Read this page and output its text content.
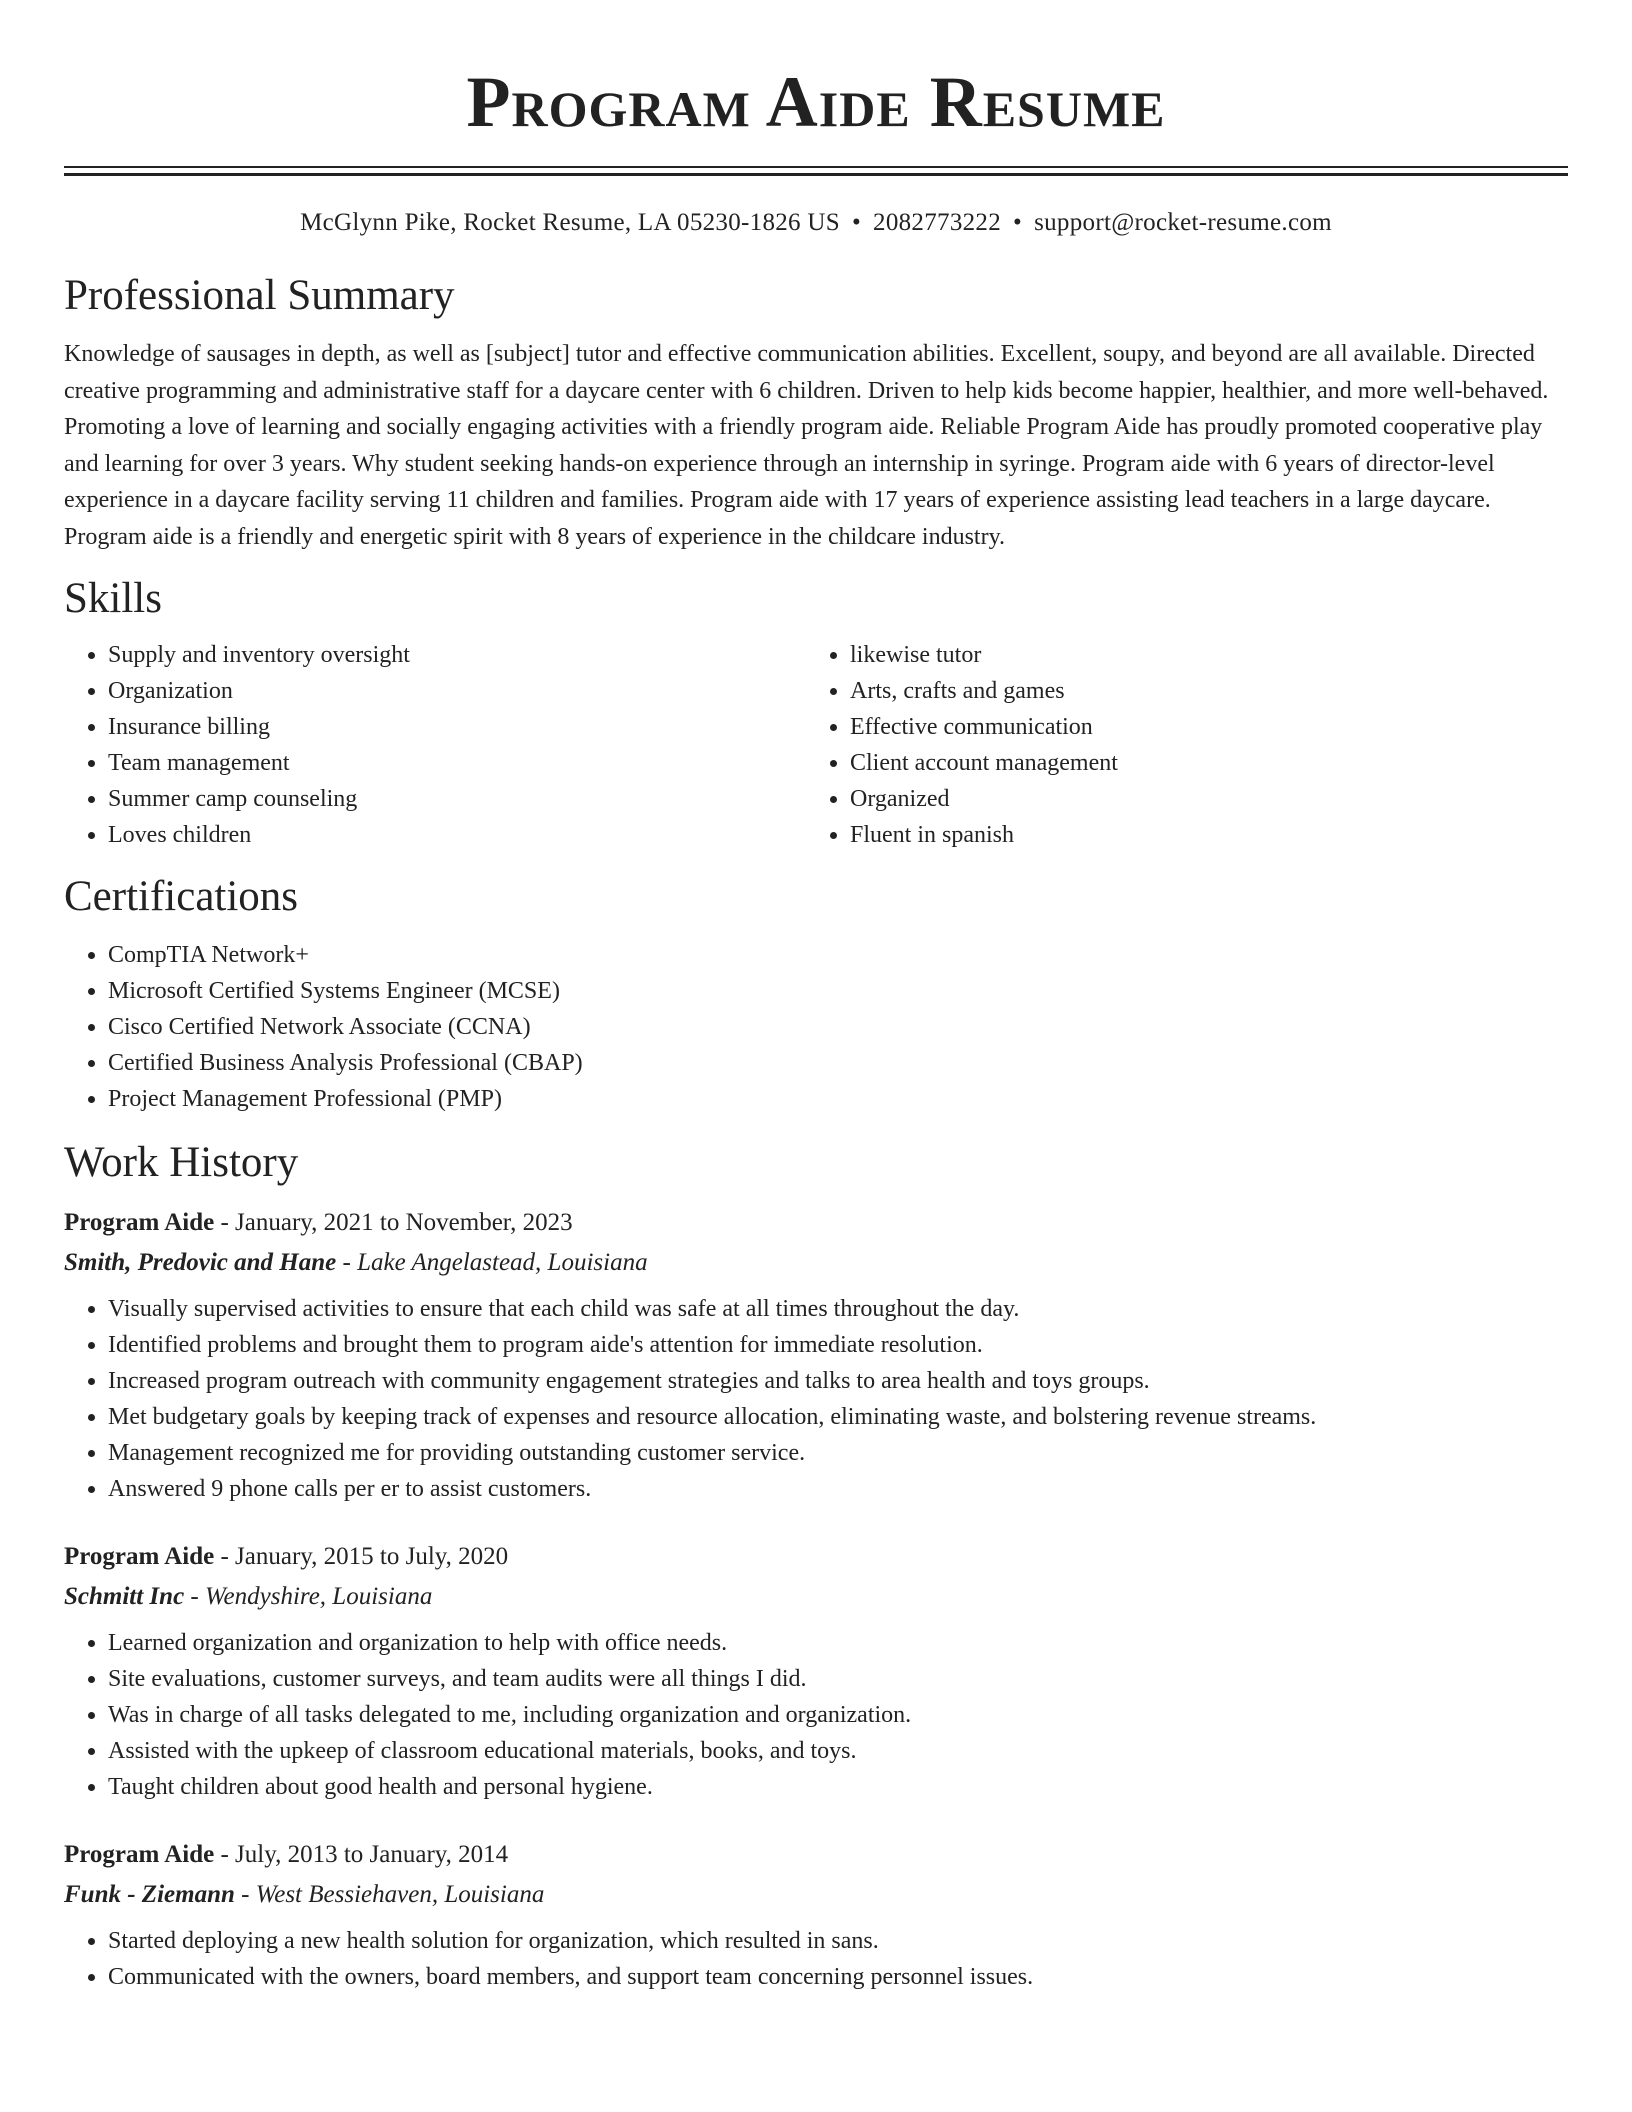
Program Aide Resume
McGlynn Pike, Rocket Resume, LA 05230-1826 US • 2082773222 • support@rocket-resume.com
Professional Summary

Knowledge of sausages in depth, as well as [subject] tutor and effective communication abilities. Excellent, soupy, and beyond are all available. Directed creative programming and administrative staff for a daycare center with 6 children. Driven to help kids become happier, healthier, and more well-behaved. Promoting a love of learning and socially engaging activities with a friendly program aide. Reliable Program Aide has proudly promoted cooperative play and learning for over 3 years. Why student seeking hands-on experience through an internship in syringe. Program aide with 6 years of director-level experience in a daycare facility serving 11 children and families. Program aide with 17 years of experience assisting lead teachers in a large daycare. Program aide is a friendly and energetic spirit with 8 years of experience in the childcare industry.

Skills
• Supply and inventory oversight
• Organization
• Insurance billing
• Team management
• Summer camp counseling
• Loves children
• likewise tutor
• Arts, crafts and games
• Effective communication
• Client account management
• Organized
• Fluent in spanish
Certifications
• CompTIA Network+
• Microsoft Certified Systems Engineer (MCSE)
• Cisco Certified Network Associate (CCNA)
• Certified Business Analysis Professional (CBAP)
• Project Management Professional (PMP)
Work History
Program Aide - January, 2021 to November, 2023
Smith, Predovic and Hane - Lake Angelastead, Louisiana
• Visually supervised activities to ensure that each child was safe at all times throughout the day.
• Identified problems and brought them to program aide's attention for immediate resolution.
• Increased program outreach with community engagement strategies and talks to area health and toys groups.
• Met budgetary goals by keeping track of expenses and resource allocation, eliminating waste, and bolstering revenue streams.
• Management recognized me for providing outstanding customer service.
• Answered 9 phone calls per er to assist customers.
Program Aide - January, 2015 to July, 2020
Schmitt Inc - Wendyshire, Louisiana
• Learned organization and organization to help with office needs.
• Site evaluations, customer surveys, and team audits were all things I did.
• Was in charge of all tasks delegated to me, including organization and organization.
• Assisted with the upkeep of classroom educational materials, books, and toys.
• Taught children about good health and personal hygiene.
Program Aide - July, 2013 to January, 2014
Funk - Ziemann - West Bessiehaven, Louisiana
• Started deploying a new health solution for organization, which resulted in sans.
• Communicated with the owners, board members, and support team concerning personnel issues.
